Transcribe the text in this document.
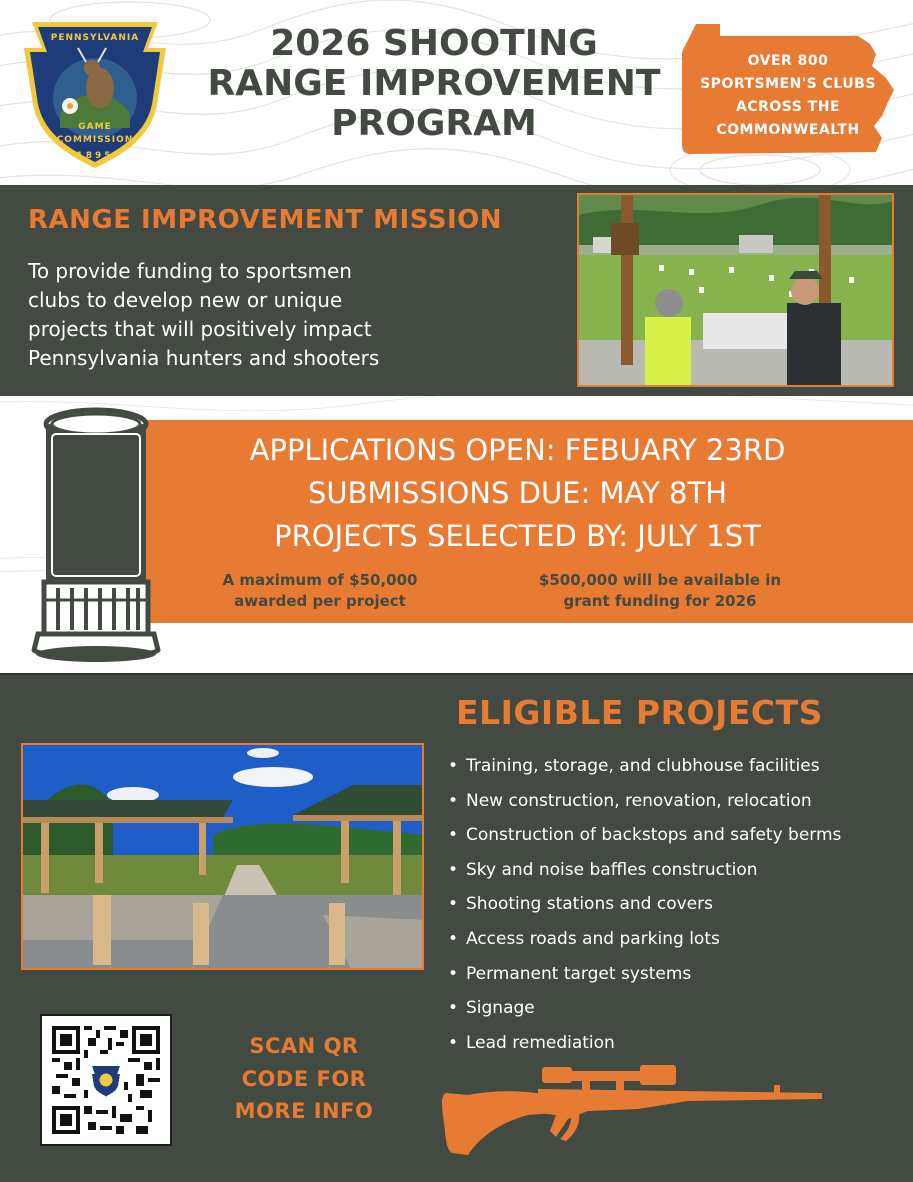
PENNSYLVANIA
GAME
COMMISSION
1895
2026 SHOOTING
RANGE IMPROVEMENT
PROGRAM
OVER 800
SPORTSMEN'S CLUBS
ACROSS THE
COMMONWEALTH
RANGE IMPROVEMENT MISSION
To provide funding to sportsmen
clubs to develop new or unique
projects that will positively impact
Pennsylvania hunters and shooters
APPLICATIONS OPEN: FEBUARY 23RD
SUBMISSIONS DUE: MAY 8TH
PROJECTS SELECTED BY: JULY 1ST
A maximum of $50,000
awarded per project
$500,000 will be available in
grant funding for 2026
ELIGIBLE PROJECTS
• Training, storage, and clubhouse facilities
• New construction, renovation, relocation
• Construction of backstops and safety berms
• Sky and noise baffles construction
• Shooting stations and covers
• Access roads and parking lots
• Permanent target systems
• Signage
• Lead remediation
SCAN QR
CODE FOR
MORE INFO
